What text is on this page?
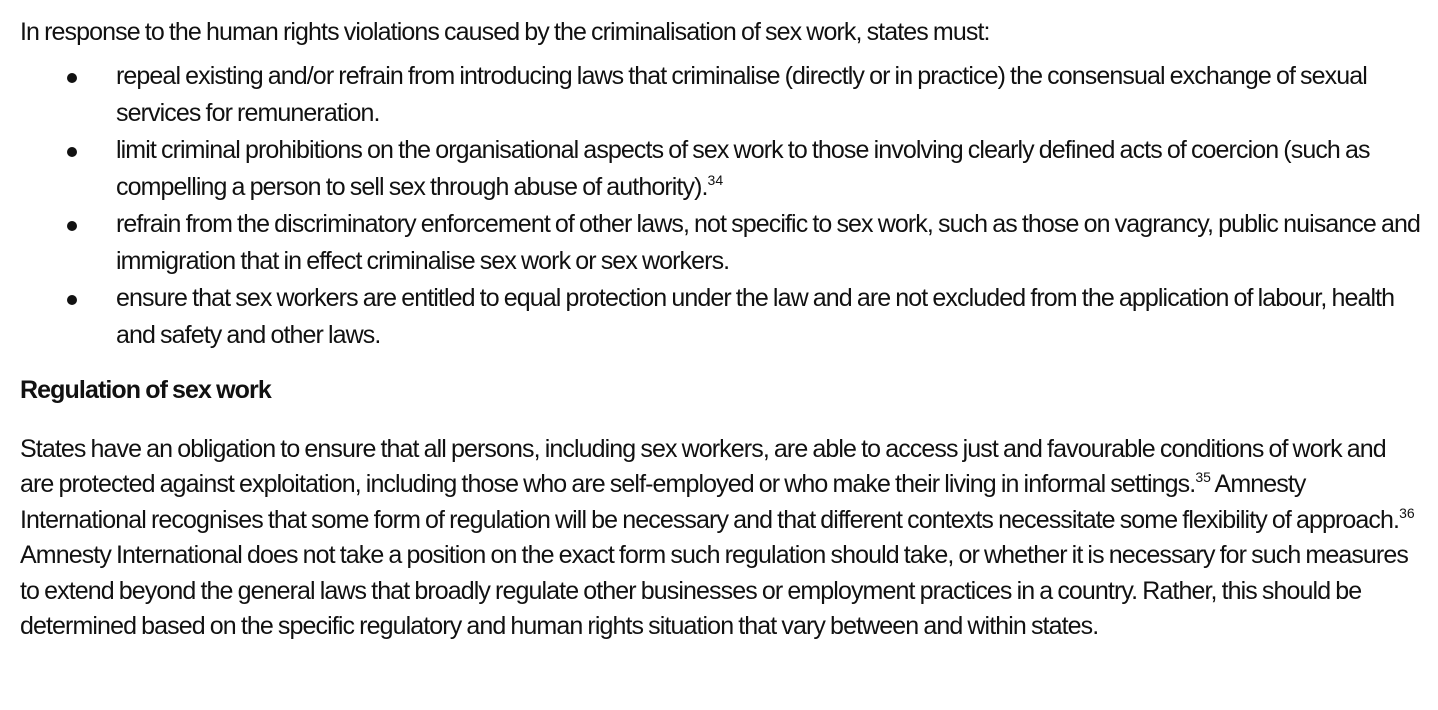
In response to the human rights violations caused by the criminalisation of sex work, states must:

repeal existing and/or refrain from introducing laws that criminalise (directly or in practice) the consensual exchange of sexual services for remuneration.
limit criminal prohibitions on the organisational aspects of sex work to those involving clearly defined acts of coercion (such as compelling a person to sell sex through abuse of authority).$^{34}$
refrain from the discriminatory enforcement of other laws, not specific to sex work, such as those on vagrancy, public nuisance and immigration that in effect criminalise sex work or sex workers.
ensure that sex workers are entitled to equal protection under the law and are not excluded from the application of labour, health and safety and other laws.
Regulation of sex work

States have an obligation to ensure that all persons, including sex workers, are able to access just and favourable conditions of work and are protected against exploitation, including those who are self-employed or who make their living in informal settings.$^{35}$ Amnesty International recognises that some form of regulation will be necessary and that different contexts necessitate some flexibility of approach.$^{36}$ Amnesty International does not take a position on the exact form such regulation should take, or whether it is necessary for such measures to extend beyond the general laws that broadly regulate other businesses or employment practices in a country. Rather, this should be determined based on the specific regulatory and human rights situation that vary between and within states.
